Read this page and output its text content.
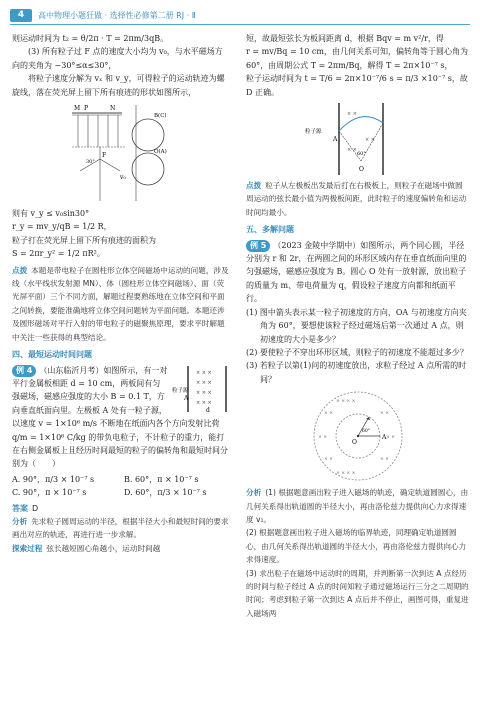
4	高中物理小题狂做 · 选择性必修第二册 RJ · Ⅱ

则运动时间为 t₂ = θ/2π · T = 2πm/3qB。

(3) 所有粒子过 F 点的速度大小均为 v₀，与水平磁场方向的夹角为 −30°≤α≤30°，

将粒子速度分解为 vₓ 和 v_y，可得粒子的运动轨迹为螺旋线，落在荧光屏上留下所有痕迹的形状如图所示，

M P	N
30°
F
v₀
B(C)
O(A)

则有 v_y ≤ v₀sin30°

r_y = mv_y/qB = 1/2 R，

粒子打在荧光屏上留下所有痕迹的面积为

S = 2πr_y² = 1/2 πR²。

点拨 本题是带电粒子在圆柱形立体空间磁场中运动的问题，涉及线（水平线状发射源 MN）、体（圆柱形立体空间磁场）、面（荧光屏平面）三个不同方面，解题过程要熟练地在立体空间和平面之间转换，要能准确地将立体空间问题转为平面问题。本题还涉及圆形磁场对平行入射的带电粒子的磁聚焦原理，要求平时解题中关注一些获得的典型结论。

四、最短运动时间问题
× × ×
× × ×
× × ×
× × ×
粒子源
A
d

例 4 （山东临沂月考）如图所示，有一对平行金属板相距 d = 10 cm，两板间有匀强磁场，磁感应强度的大小 B = 0.1 T，方向垂直纸面向里。左极板 A 处有一粒子源，以速度 v = 1×10⁶ m/s 不断地在纸面内各个方向发射比荷 q/m = 1×10⁶ C/kg 的带负电粒子，不计粒子的重力，能打在右侧金属板上且经历时间最短的粒子的偏转角和最短时间分别为（　　）

A. 90°，π/3 × 10⁻⁷ s	B. 60°，π × 10⁻⁷ s
C. 90°，π × 10⁻⁷ s	D. 60°，π/3 × 10⁻⁷ s

答案 D

分析 先求粒子圆周运动的半径，根据半径大小和最短时间的要求画出对应的轨迹，再进行进一步求解。

探索过程 弦长越短圆心角越小，运动时间越

短，故最短弦长为板间距离 d，根据 Bqv = m v²/r，得

r = mv/Bq = 10 cm，由几何关系可知，偏转角等于圆心角为 60°，由周期公式 T = 2πm/Bq，解得 T = 2π×10⁻⁷ s，

粒子运动时间为 t = T/6 = 2π×10⁻⁷/6 s = π/3 ×10⁻⁷ s，故 D 正确。

× ×
× ×
× ×
粒子源
A
O
60°

点拨 粒子从左极板出发最后打在右极板上，则粒子在磁场中做圆周运动的弦长最小值为两极板间距，此时粒子的速度偏转角和运动时间均最小。

五、多解问题

例 5 （2023 金陵中学期中）如图所示，两个同心圆，半径分别为 r 和 2r，在两圆之间的环形区域内存在垂直纸面向里的匀强磁场，磁感应强度为 B。圆心 O 处有一放射源，放出粒子的质量为 m、带电荷量为 q，假设粒子速度方向都和纸面平行。

(1) 图中箭头表示某一粒子初速度的方向，OA 与初速度方向夹角为 60°，要想使该粒子经过磁场后第一次通过 A 点，则初速度的大小是多少？

(2) 要使粒子不穿出环形区域，则粒子的初速度不能超过多少？

(3) 若粒子以第(1)问的初速度放出，求粒子经过 A 点所需的时间？

× × × ×
× ×	× ×
× ×	× ×
× ×	× ×
× × × ×
O
A
60°

分析 (1) 根据题意画出粒子进入磁场的轨迹，确定轨道圆圆心，由几何关系得出轨道圆的半径大小，再由洛伦兹力提供向心力求得速度 v₁。

(2) 根据题意画出粒子进入磁场的临界轨迹，同理确定轨道圆圆心，由几何关系得出轨道圆的半径大小，再由洛伦兹力提供向心力求得速度。

(3) 求出粒子在磁场中运动时的周期，并判断第一次到达 A 点经历的时间与粒子经过 A 点的时间知粒子通过磁场运行三分之二周期的时间；考虑到粒子第一次到达 A 点后并不停止，画图可得，重复进入磁场两
